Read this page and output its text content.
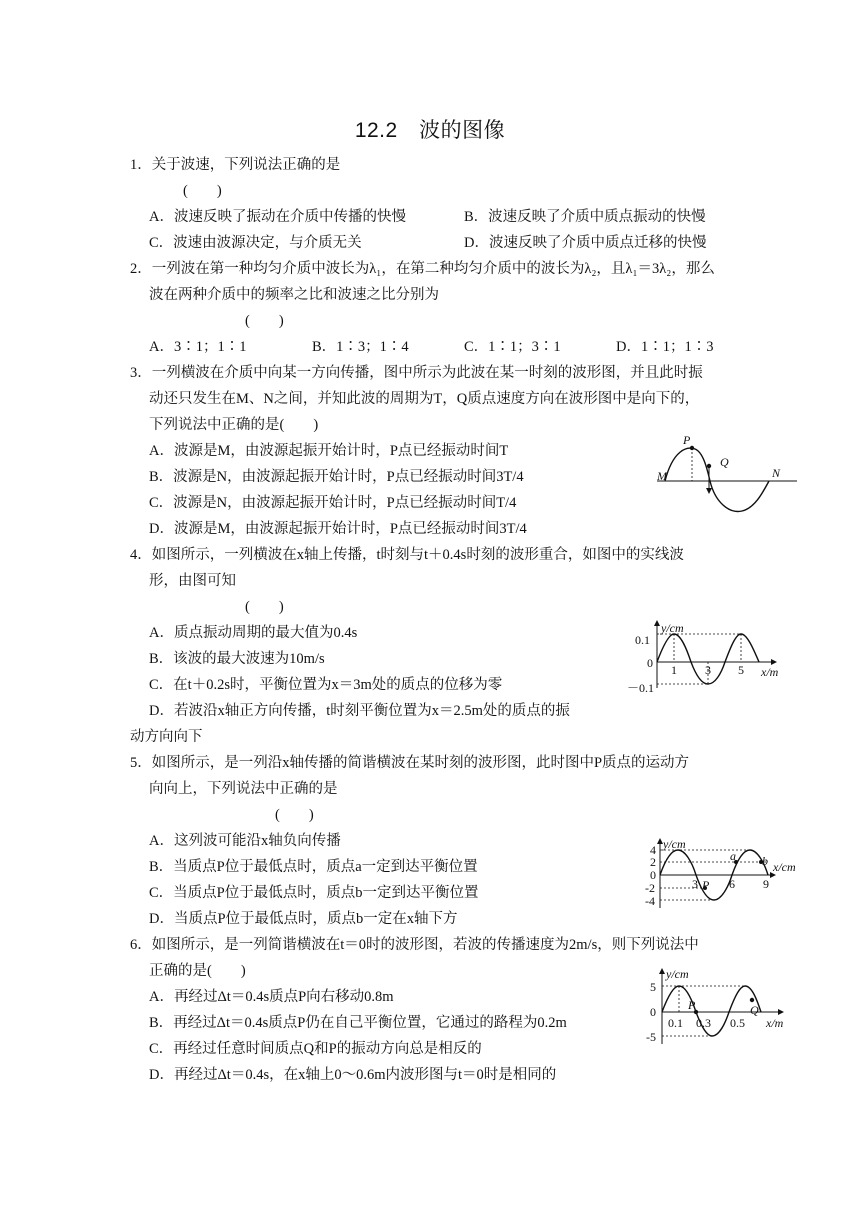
12.2　波的图像
1．关于波速，下列说法正确的是
(　　)
A．波速反映了振动在介质中传播的快慢	B．波速反映了介质中质点振动的快慢
C．波速由波源决定，与介质无关	D．波速反映了介质中质点迁移的快慢
2．一列波在第一种均匀介质中波长为λ₁，在第二种均匀介质中的波长为λ₂，且λ₁＝3λ₂，那么
波在两种介质中的频率之比和波速之比分别为
(　　)
A．3∶1；1∶1	B．1∶3；1∶4	C．1∶1；3∶1	D．1∶1；1∶3
3．一列横波在介质中向某一方向传播，图中所示为此波在某一时刻的波形图，并且此时振
动还只发生在M、N之间，并知此波的周期为T，Q质点速度方向在波形图中是向下的，
下列说法中正确的是(　　)
A．波源是M，由波源起振开始计时，P点已经振动时间T
B．波源是N，由波源起振开始计时，P点已经振动时间3T/4
C．波源是N，由波源起振开始计时，P点已经振动时间T/4
D．波源是M，由波源起振开始计时，P点已经振动时间3T/4
P
Q
M	N
4．如图所示，一列横波在x轴上传播，t时刻与t＋0.4s时刻的波形重合，如图中的实线波
形，由图可知
(　　)
A．质点振动周期的最大值为0.4s
B．该波的最大波速为10m/s
C．在t＋0.2s时，平衡位置为x＝3m处的质点的位移为零
D．若波沿x轴正方向传播，t时刻平衡位置为x＝2.5m处的质点的振
动方向向下
y/cm
0.1
0
－0.1
1 3 5 x/m
5．如图所示，是一列沿x轴传播的简谐横波在某时刻的波形图，此时图中P质点的运动方
向向上，下列说法中正确的是
(　　)
A．这列波可能沿x轴负向传播
B．当质点P位于最低点时，质点a一定到达平衡位置
C．当质点P位于最低点时，质点b一定到达平衡位置
D．当质点P位于最低点时，质点b一定在x轴下方
y/cm
4
2
0
-2
-4
3	6 9
x/cm
P
a b
6．如图所示，是一列简谐横波在t＝0时的波形图，若波的传播速度为2m/s，则下列说法中
正确的是(　　)
A．再经过Δt＝0.4s质点P向右移动0.8m
B．再经过Δt＝0.4s质点P仍在自己平衡位置，它通过的路程为0.2m
C．再经过任意时间质点Q和P的振动方向总是相反的
D．再经过Δt＝0.4s，在x轴上0～0.6m内波形图与t＝0时是相同的
y/cm
5
0
-5
0.1 0.3 0.5 x/m
P	Q
